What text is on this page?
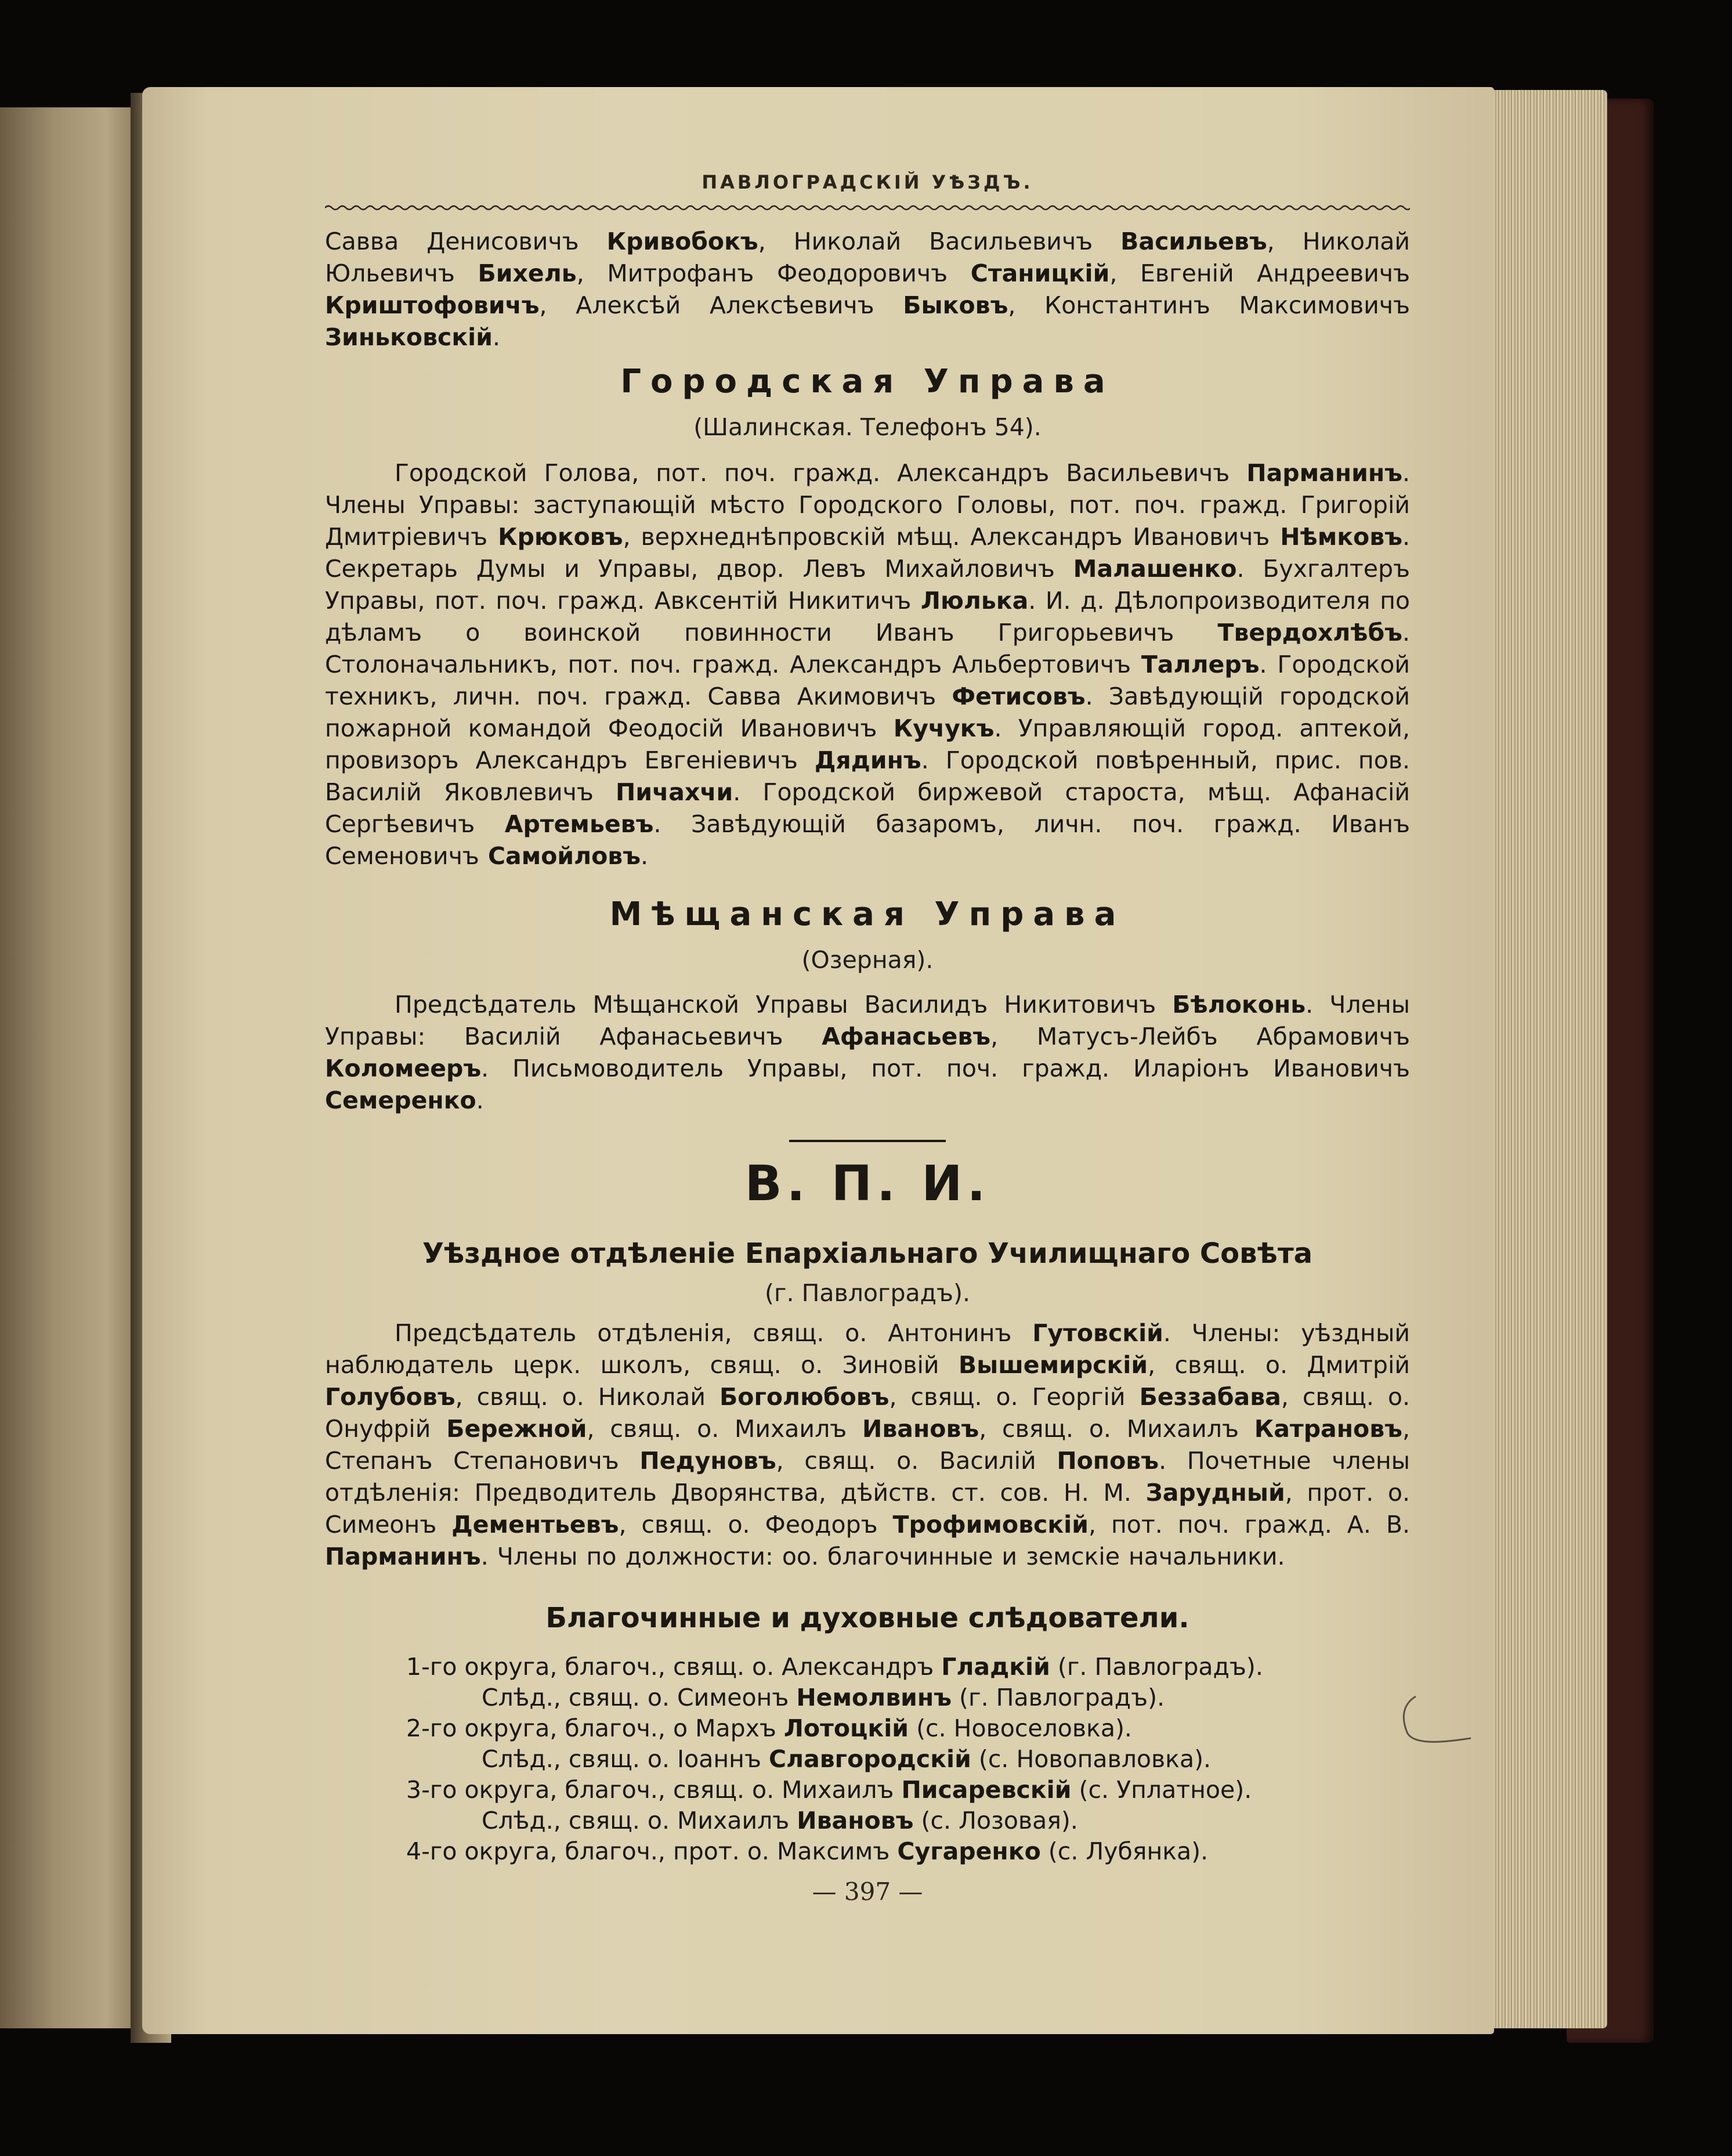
ПАВЛОГРАДСКІЙ УѢЗДЪ.

Савва Денисовичъ Кривобокъ, Николай Васильевичъ Васильевъ, Николай Юльевичъ Бихель, Митрофанъ Феодоровичъ Станицкій, Евгеній Андреевичъ Криштофовичъ, Алексѣй Алексѣевичъ Быковъ, Константинъ Максимовичъ Зиньковскій.

Городская Управа
(Шалинская. Телефонъ 54).

Городской Голова, пот. поч. гражд. Александръ Васильевичъ Парманинъ. Члены Управы: заступающій мѣсто Городского Головы, пот. поч. гражд. Григорій Дмитріевичъ Крюковъ, верхнеднѣпровскій мѣщ. Александръ Ивановичъ Нѣмковъ. Секретарь Думы и Управы, двор. Левъ Михайловичъ Малашенко. Бухгалтеръ Управы, пот. поч. гражд. Авксентій Никитичъ Люлька. И. д. Дѣлопроизводителя по дѣламъ о воинской повинности Иванъ Григорьевичъ Твердохлѣбъ. Столоначальникъ, пот. поч. гражд. Александръ Альбертовичъ Таллеръ. Городской техникъ, личн. поч. гражд. Савва Акимовичъ Фетисовъ. Завѣдующій городской пожарной командой Феодосій Ивановичъ Кучукъ. Управляющій город. аптекой, провизоръ Александръ Евгеніевичъ Дядинъ. Городской повѣренный, прис. пов. Василій Яковлевичъ Пичахчи. Городской биржевой староста, мѣщ. Афанасій Сергѣевичъ Артемьевъ. Завѣдующій базаромъ, личн. поч. гражд. Иванъ Семеновичъ Самойловъ.

Мѣщанская Управа
(Озерная).

Предсѣдатель Мѣщанской Управы Василидъ Никитовичъ Бѣлоконь. Члены Управы: Василій Афанасьевичъ Афанасьевъ, Матусъ-Лейбъ Абрамовичъ Коломееръ. Письмоводитель Управы, пот. поч. гражд. Иларіонъ Ивановичъ Семеренко.

В. П. И.
Уѣздное отдѣленіе Епархіальнаго Училищнаго Совѣта
(г. Павлоградъ).

Предсѣдатель отдѣленія, свящ. о. Антонинъ Гутовскій. Члены: уѣздный наблюдатель церк. школъ, свящ. о. Зиновій Вышемирскій, свящ. о. Дмитрій Голубовъ, свящ. о. Николай Боголюбовъ, свящ. о. Георгій Беззабава, свящ. о. Онуфрій Бережной, свящ. о. Михаилъ Ивановъ, свящ. о. Михаилъ Катрановъ, Степанъ Степановичъ Педуновъ, свящ. о. Василій Поповъ. Почетные члены отдѣленія: Предводитель Дворянства, дѣйств. ст. сов. Н. М. Зарудный, прот. о. Симеонъ Дементьевъ, свящ. о. Феодоръ Трофимовскій, пот. поч. гражд. А. В. Парманинъ. Члены по должности: оо. благочинные и земскіе начальники.

Благочинные и духовные слѣдователи.
1-го округа, благоч., свящ. о. Александръ Гладкій (г. Павлоградъ).
Слѣд., свящ. о. Симеонъ Немолвинъ (г. Павлоградъ).
2-го округа, благоч., о Мархъ Лотоцкій (с. Новоселовка).
Слѣд., свящ. о. Іоаннъ Славгородскій (с. Новопавловка).
3-го округа, благоч., свящ. о. Михаилъ Писаревскій (с. Уплатное).
Слѣд., свящ. о. Михаилъ Ивановъ (с. Лозовая).
4-го округа, благоч., прот. о. Максимъ Сугаренко (с. Лубянка).
— 397 —
